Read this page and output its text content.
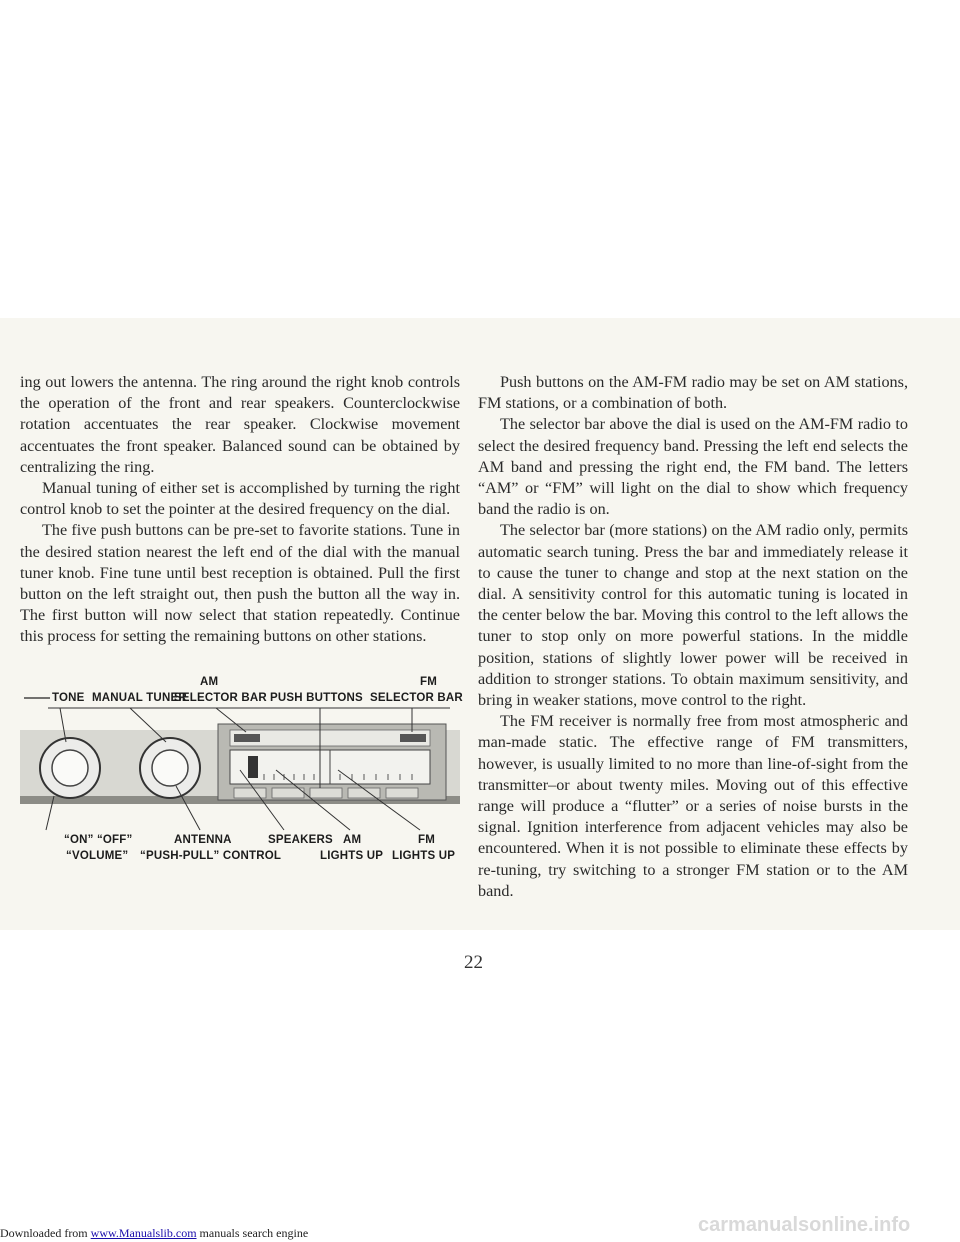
ing out lowers the antenna. The ring around the right knob controls the operation of the front and rear speakers. Counterclockwise rotation accentuates the rear speaker. Clockwise movement accentuates the front speaker. Balanced sound can be obtained by centralizing the ring.

Manual tuning of either set is accomplished by turning the right control knob to set the pointer at the desired frequency on the dial.

The five push buttons can be pre-set to favorite stations. Tune in the desired station nearest the left end of the dial with the manual tuner knob. Fine tune until best reception is obtained. Pull the first button on the left straight out, then push the button all the way in. The first button will now select that station repeatedly. Continue this process for setting the remaining buttons on other stations.

AM	FM
TONE MANUAL TUNER
SELECTOR BAR PUSH BUTTONS SELECTOR BAR
“ON” “OFF”
“VOLUME”
ANTENNA
“PUSH-PULL” CONTROL
SPEAKERS AM
LIGHTS UP
FM
LIGHTS UP

Push buttons on the AM-FM radio may be set on AM stations, FM stations, or a combination of both.

The selector bar above the dial is used on the AM-FM radio to select the desired frequency band. Pressing the left end selects the AM band and pressing the right end, the FM band. The letters “AM” or “FM” will light on the dial to show which frequency band the radio is on.

The selector bar (more stations) on the AM radio only, permits automatic search tuning. Press the bar and immediately release it to cause the tuner to change and stop at the next station on the dial. A sensitivity control for this automatic tuning is located in the center below the bar. Moving this control to the left allows the tuner to stop only on more powerful stations. In the middle position, stations of slightly lower power will be received in addition to stronger stations. To obtain maximum sensitivity, and bring in weaker stations, move control to the right.

The FM receiver is normally free from most atmospheric and man-made static. The effective range of FM transmitters, however, is usually limited to no more than line-of-sight from the transmitter–or about twenty miles. Moving out of this effective range will produce a “flutter” or a series of noise bursts in the signal. Ignition interference from adjacent vehicles may also be encountered. When it is not possible to eliminate these effects by re-tuning, try switching to a stronger FM station or to the AM band.

22
Downloaded from www.Manualslib.com manuals search engine	carmanualsonline.info
